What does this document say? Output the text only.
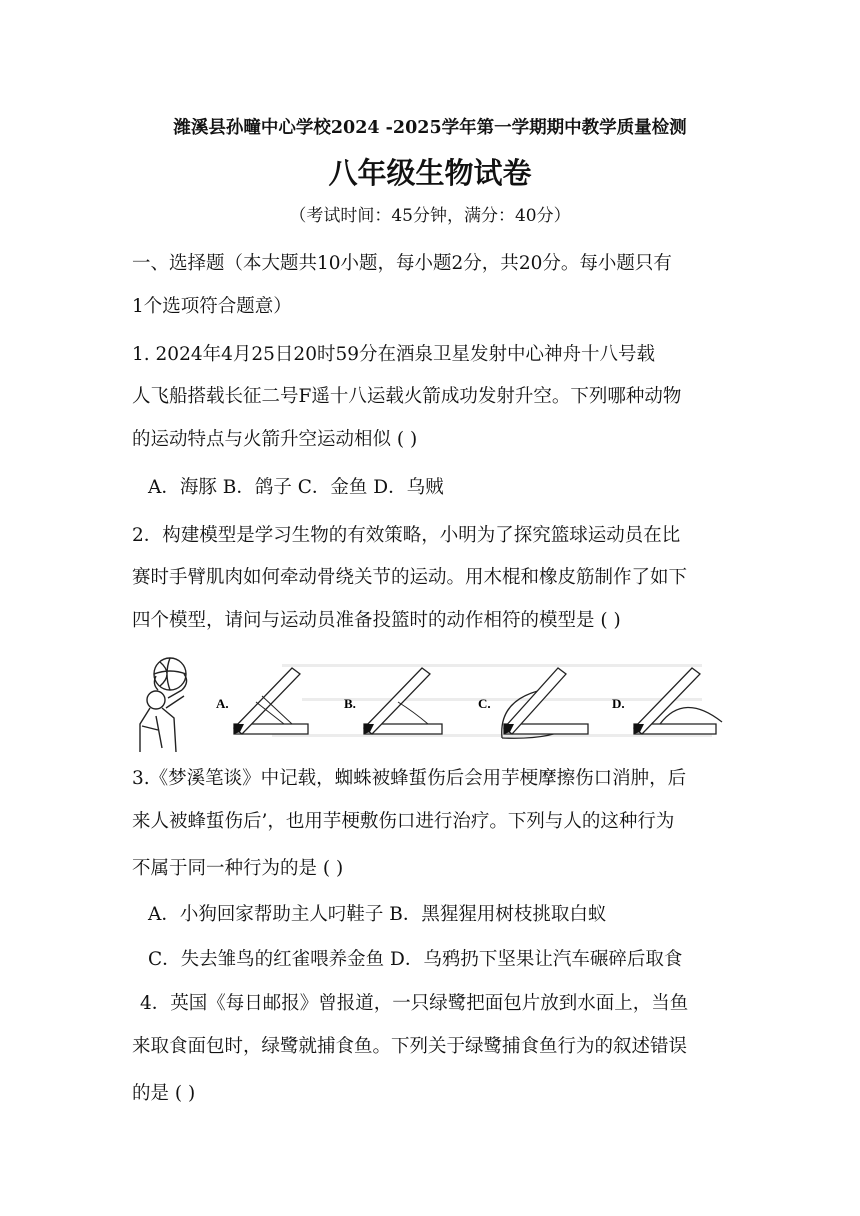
潍溪县孙疃中心学校2024 -2025学年第一学期期中教学质量检测
八年级生物试卷
（考试时间：45分钟，满分：40分）
一、选择题（本大题共10小题，每小题2分，共20分。每小题只有
1个选项符合题意）
1. 2024年4月25日20时59分在酒泉卫星发射中心神舟十八号载
人飞船搭载长征二号F遥十八运载火箭成功发射升空。下列哪种动物
的运动特点与火箭升空运动相似 ( )
A．海豚 B．鸽子 C．金鱼 D．乌贼
2．构建模型是学习生物的有效策略，小明为了探究篮球运动员在比
赛时手臂肌肉如何牵动骨绕关节的运动。用木棍和橡皮筋制作了如下
四个模型，请问与运动员准备投篮时的动作相符的模型是 ( )
A.	B.	C.	D.
3.《梦溪笔谈》中记载，蜘蛛被蜂蜇伤后会用芋梗摩擦伤口消肿，后
来人被蜂蜇伤后’，也用芋梗敷伤口进行治疗。下列与人的这种行为
不属于同一种行为的是 ( )
A．小狗回家帮助主人叼鞋子 B．黑猩猩用树枝挑取白蚁
C．失去雏鸟的红雀喂养金鱼 D．乌鸦扔下坚果让汽车碾碎后取食
4．英国《每日邮报》曾报道，一只绿鹭把面包片放到水面上，当鱼
来取食面包时，绿鹭就捕食鱼。下列关于绿鹭捕食鱼行为的叙述错误
的是 ( )
